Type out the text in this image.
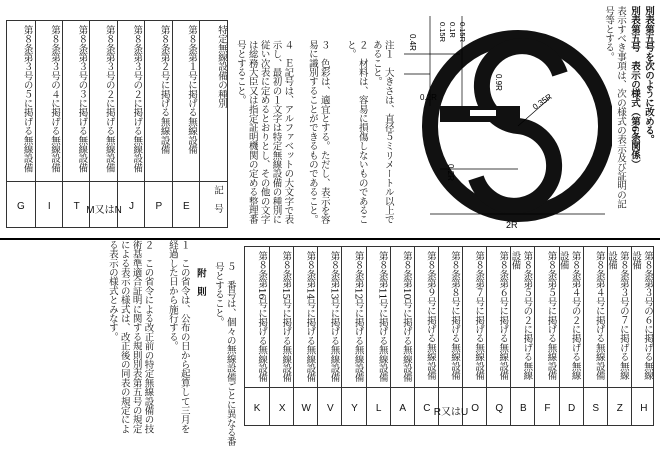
別表第五号を次のように改める。
別表第五号　表示の様式（第6条関係）
表示すべき事項は、次の様式の表示及び証明の記号等とする。
0.4R
0.2R
0.15R 0.1R 0.15R
0.9R
0.35R
0.2R
2R
注１　大きさは、直径５ミリメートル以上であること。
２　材料は、容易に損傷しないものであること。
３　色彩は、適宜とする。ただし、表示を容易に識別することができるものであること。
４　Ｅ記号は、アルファベットの大文字で表示し、最初の１文字は特定無線設備の種別に従い次表に定めるとおりとし、その他の文字は総務大臣又は指定証明機関の定める整理番号とすること。
特定無線設備の種別
記　号
第８条第１号に掲げる無線設備
E
第８条第２号に掲げる無線設備
P
第８条第３号の２に掲げる無線設備
J
第８条第３号の２に掲げる無線設備
M又はN
第８条第３号の３に掲げる無線設備
T
第８条第３号の４に掲げる無線設備
I
第８条第３号の５に掲げる無線設備
G
第８条第３号の６に掲げる無線設備
H
第８条第３号の７に掲げる無線設備
Z
第８条第４号に掲げる無線設備
S
第８条第４号の２に掲げる無線設備
D
第８条第５号に掲げる無線設備
F
第８条第５号の２に掲げる無線設備
B
第８条第６号に掲げる無線設備
Q
第８条第７号に掲げる無線設備
O
第８条第８号に掲げる無線設備
R又はU
第８条第９号に掲げる無線設備
C
第８条第10号に掲げる無線設備
A
第８条第11号に掲げる無線設備
L
第８条第12号に掲げる無線設備
Y
第８条第13号に掲げる無線設備
V
第８条第14号に掲げる無線設備
W
第８条第15号に掲げる無線設備
X
第８条第16号に掲げる無線設備
K
５　番号は、個々の無線設備ごとに異なる番号とすること。
附　則
１　この省令は、公布の日から起算して三月を経過した日から施行する。
２　この省令による改正前の特定無線設備の技術基準適合証明に関する規則別表第五号の規定による表示の様式は、改正後の同表の規定による表示の様式とみなす。
